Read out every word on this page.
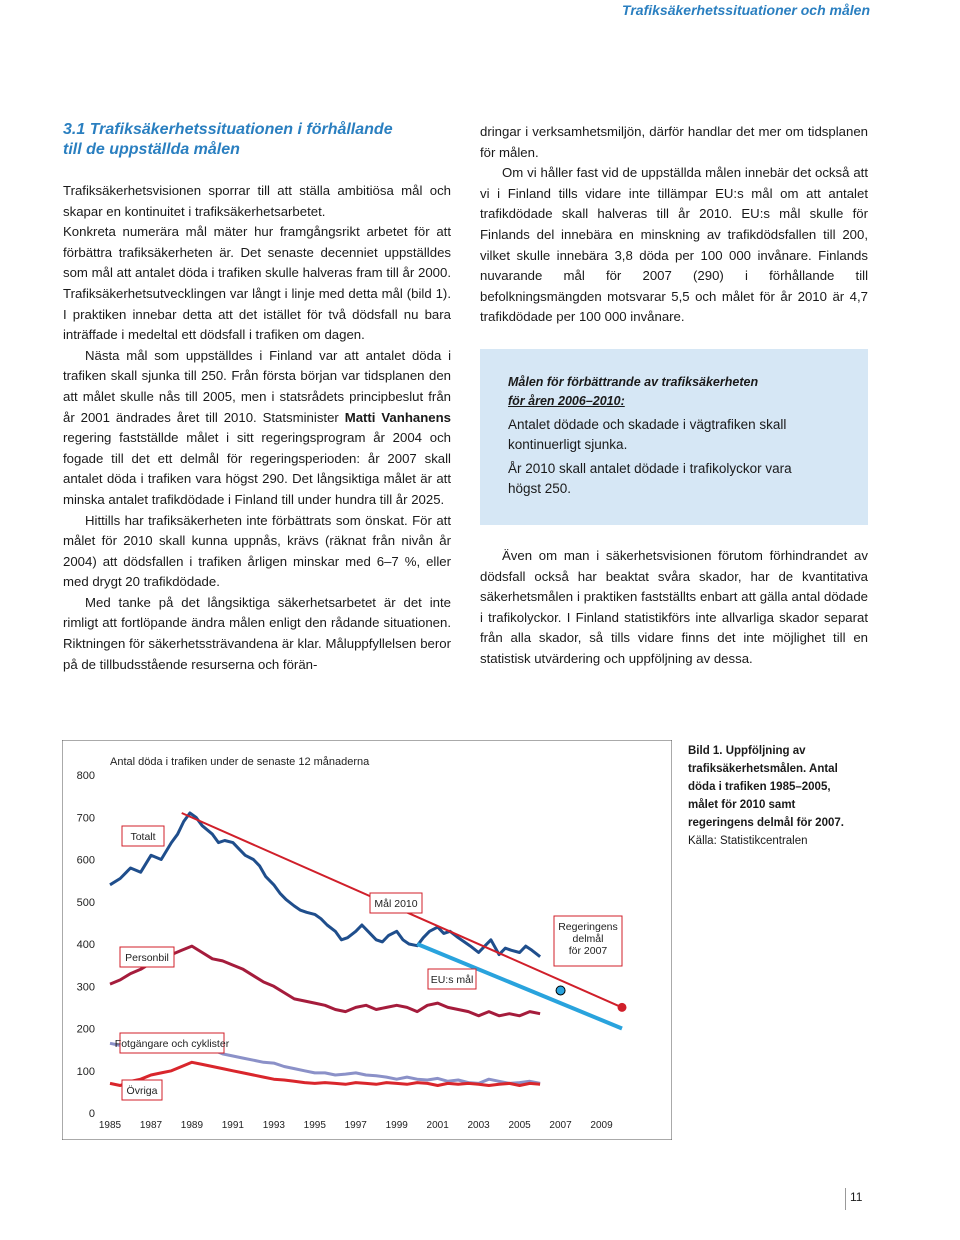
Trafiksäkerhetssituationer och målen
3.1 Trafiksäkerhetssituationen i förhållande
till de uppställda målen

Trafiksäkerhetsvisionen sporrar till att ställa ambitiösa mål och skapar en kontinuitet i trafiksäkerhetsarbetet.

Konkreta numerära mål mäter hur framgångsrikt arbetet för att förbättra trafiksäkerheten är. Det senaste decenniet uppställdes som mål att antalet döda i trafiken skulle halveras fram till år 2000. Trafiksäkerhetsutvecklingen var långt i linje med detta mål (bild 1). I praktiken innebar detta att det istället för två dödsfall nu bara inträffade i medeltal ett dödsfall i trafiken om dagen.

Nästa mål som uppställdes i Finland var att antalet döda i trafiken skall sjunka till 250. Från första början var tidsplanen den att målet skulle nås till 2005, men i statsrådets principbeslut från år 2001 ändrades året till 2010. Statsminister Matti Vanhanens regering fastställde målet i sitt regeringsprogram år 2004 och fogade till det ett delmål för regeringsperioden: år 2007 skall antalet döda i trafiken vara högst 290. Det långsiktiga målet är att minska antalet trafikdödade i Finland till under hundra till år 2025.

Hittills har trafiksäkerheten inte förbättrats som önskat. För att målet för 2010 skall kunna uppnås, krävs (räknat från nivån år 2004) att dödsfallen i trafiken årligen minskar med 6–7 %, eller med drygt 20 trafikdödade.

Med tanke på det långsiktiga säkerhetsarbetet är det inte rimligt att fortlöpande ändra målen enligt den rådande situationen. Riktningen för säkerhetssträvandena är klar. Måluppfyllelsen beror på de tillbudsstående resurserna och förän-

dringar i verksamhetsmiljön, därför handlar det mer om tidsplanen för målen.

Om vi håller fast vid de uppställda målen innebär det också att vi i Finland tills vidare inte tillämpar EU:s mål om att antalet trafikdödade skall halveras till år 2010. EU:s mål skulle för Finlands del innebära en minskning av trafikdödsfallen till 200, vilket skulle innebära 3,8 döda per 100 000 invånare. Finlands nuvarande mål för 2007 (290) i förhållande till befolkningsmängden motsvarar 5,5 och målet för år 2010 är 4,7 trafikdödade per 100 000 invånare.

Målen för förbättrande av trafiksäkerheten
för åren 2006–2010:
Antalet dödade och skadade i vägtrafiken skall kontinuerligt sjunka.
År 2010 skall antalet dödade i trafikolyckor vara högst 250.

Även om man i säkerhetsvisionen förutom förhindrandet av dödsfall också har beaktat svåra skador, har de kvantitativa säkerhetsmålen i praktiken fastställts enbart att gälla antal dödade i trafikolyckor. I Finland statistikförs inte allvarliga skador separat från alla skador, så tills vidare finns det inte möjlighet till en statistisk utvärdering och uppföljning av dessa.

0
100
200
300
400
500
600
700
800
1985 1987 1989 1991 1993 1995 1997 1999 2001 2003 2005 2007 2009
Antal döda i trafiken under de senaste 12 månaderna
Totalt
Personbil
Fotgängare och cyklister
Övriga
Mål 2010
EU:s mål
Regeringens
delmål
för 2007
Bild 1. Uppföljning av trafiksäkerhetsmålen. Antal döda i trafiken 1985–2005, målet för 2010 samt regeringens delmål för 2007.
Källa: Statistikcentralen
11
